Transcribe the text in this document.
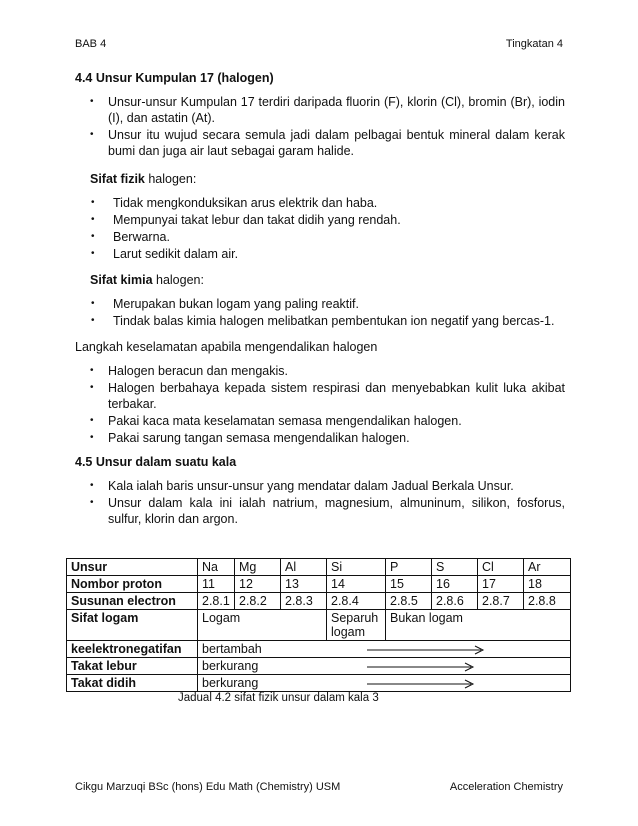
BAB 4	Tingkatan 4
4.4 Unsur Kumpulan 17 (halogen)
• Unsur-unsur Kumpulan 17 terdiri daripada fluorin (F), klorin (Cl), bromin (Br), iodin (I), dan astatin (At).
• Unsur itu wujud secara semula jadi dalam pelbagai bentuk mineral dalam kerak bumi dan juga air laut sebagai garam halide.
Sifat fizik halogen:
• Tidak mengkonduksikan arus elektrik dan haba.
• Mempunyai takat lebur dan takat didih yang rendah.
• Berwarna.
• Larut sedikit dalam air.
Sifat kimia halogen:
• Merupakan bukan logam yang paling reaktif.
• Tindak balas kimia halogen melibatkan pembentukan ion negatif yang bercas-1.
Langkah keselamatan apabila mengendalikan halogen
• Halogen beracun dan mengakis.
• Halogen berbahaya kepada sistem respirasi dan menyebabkan kulit luka akibat terbakar.
• Pakai kaca mata keselamatan semasa mengendalikan halogen.
• Pakai sarung tangan semasa mengendalikan halogen.
4.5 Unsur dalam suatu kala
• Kala ialah baris unsur-unsur yang mendatar dalam Jadual Berkala Unsur.
• Unsur dalam kala ini ialah natrium, magnesium, almuninum, silikon, fosforus, sulfur, klorin dan argon.
Unsur	Na	Mg	Al	Si	P	S	Cl	Ar
Nombor proton	11	12	13	14	15	16	17	18
Susunan electron	2.8.1	2.8.2	2.8.3	2.8.4	2.8.5	2.8.6	2.8.7	2.8.8
Sifat logam	Logam			Separuh logam	Bukan logam			
keelektronegatifan	bertambah							

Takat lebur	berkurang							

Takat didih	berkurang							
Jadual 4.2 sifat fizik unsur dalam kala 3
Cikgu Marzuqi BSc (hons) Edu Math (Chemistry) USM	Acceleration Chemistry
